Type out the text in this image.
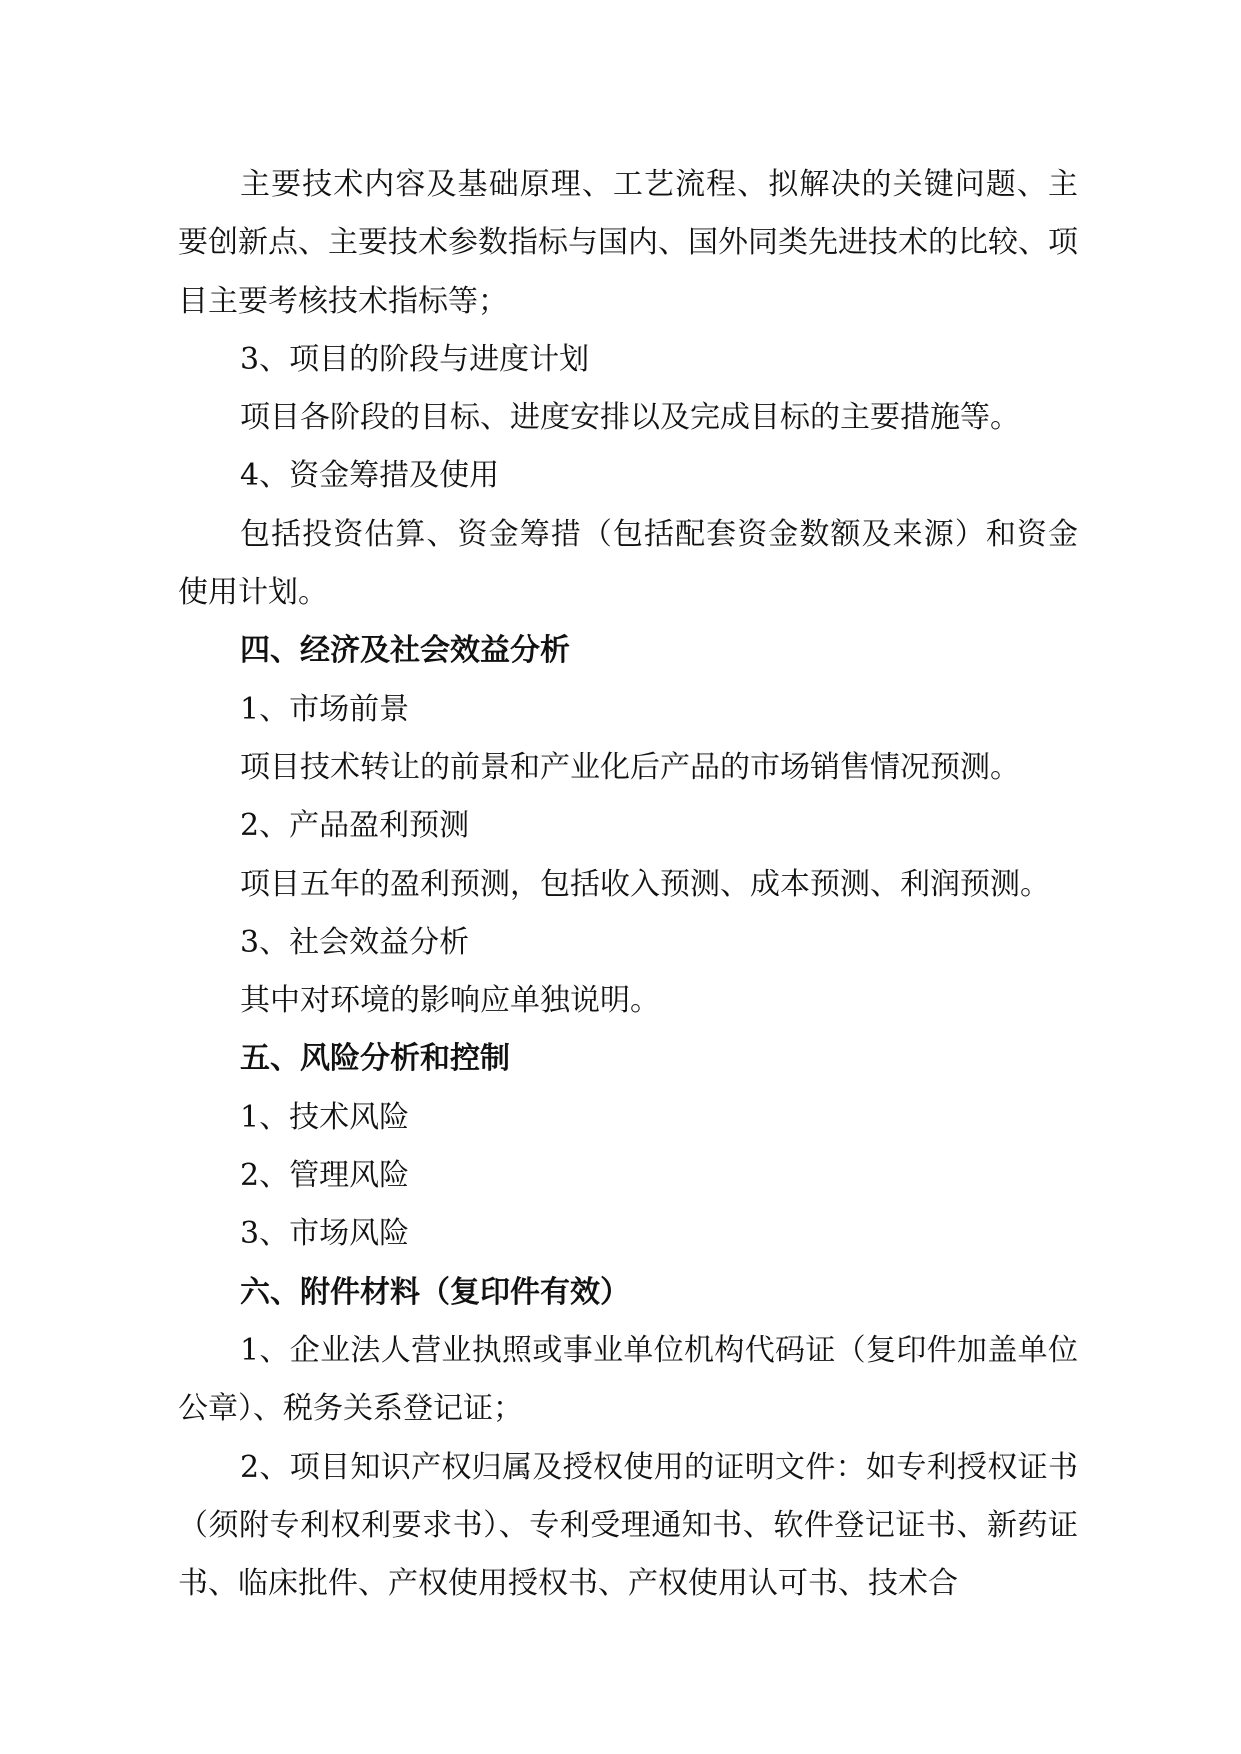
主要技术内容及基础原理、工艺流程、拟解决的关键问题、主要创新点、主要技术参数指标与国内、国外同类先进技术的比较、项目主要考核技术指标等；

3、项目的阶段与进度计划

项目各阶段的目标、进度安排以及完成目标的主要措施等。

4、资金筹措及使用

包括投资估算、资金筹措（包括配套资金数额及来源）和资金使用计划。

四、经济及社会效益分析

1、市场前景

项目技术转让的前景和产业化后产品的市场销售情况预测。

2、产品盈利预测

项目五年的盈利预测，包括收入预测、成本预测、利润预测。

3、社会效益分析

其中对环境的影响应单独说明。

五、风险分析和控制

1、技术风险

2、管理风险

3、市场风险

六、附件材料（复印件有效）

1、企业法人营业执照或事业单位机构代码证（复印件加盖单位公章）、税务关系登记证；

2、项目知识产权归属及授权使用的证明文件：如专利授权证书（须附专利权利要求书）、专利受理通知书、软件登记证书、新药证书、临床批件、产权使用授权书、产权使用认可书、技术合
